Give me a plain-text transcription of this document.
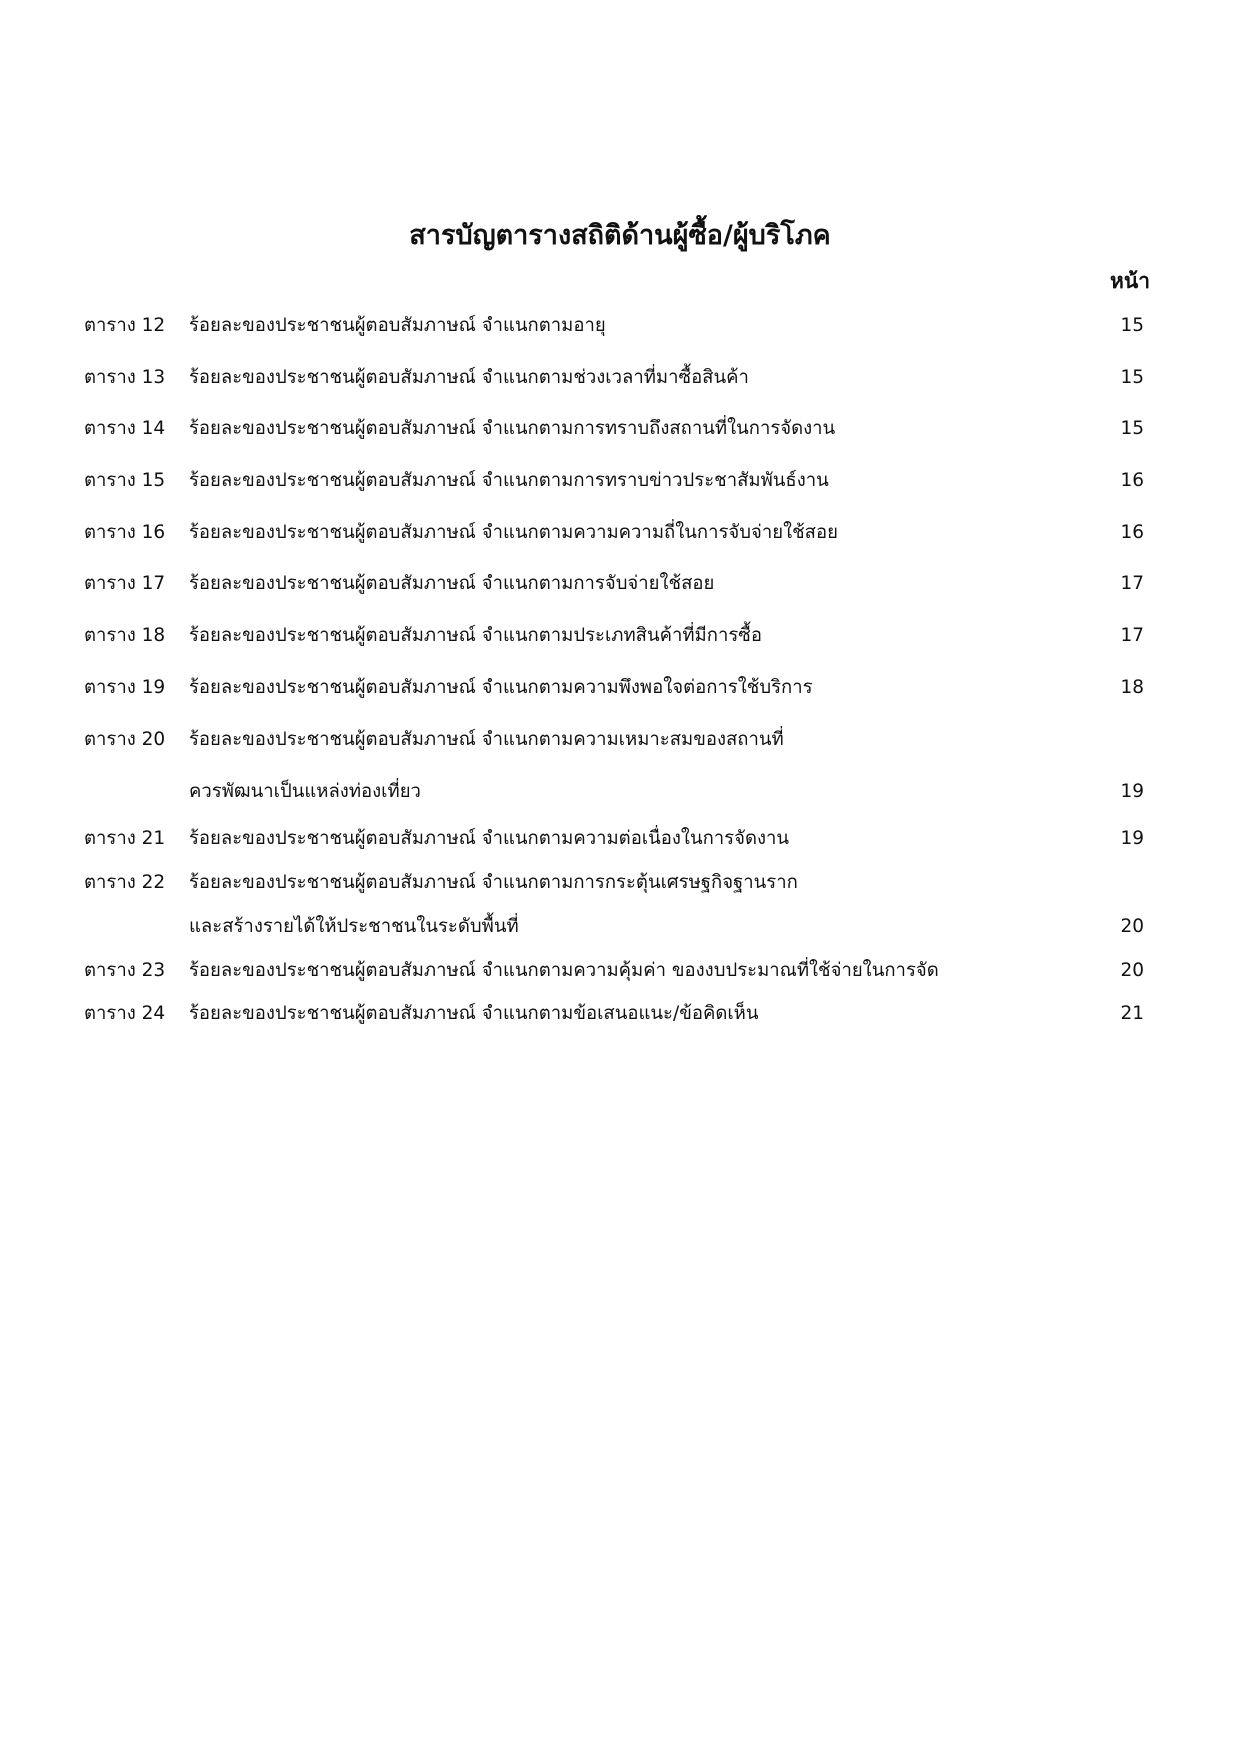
สารบัญตารางสถิติด้านผู้ซื้อ/ผู้บริโภค
หน้า
ตาราง 12	ร้อยละของประชาชนผู้ตอบสัมภาษณ์ จำแนกตามอายุ	15
ตาราง 13	ร้อยละของประชาชนผู้ตอบสัมภาษณ์ จำแนกตามช่วงเวลาที่มาซื้อสินค้า	15
ตาราง 14	ร้อยละของประชาชนผู้ตอบสัมภาษณ์ จำแนกตามการทราบถึงสถานที่ในการจัดงาน	15
ตาราง 15	ร้อยละของประชาชนผู้ตอบสัมภาษณ์ จำแนกตามการทราบข่าวประชาสัมพันธ์งาน	16
ตาราง 16	ร้อยละของประชาชนผู้ตอบสัมภาษณ์ จำแนกตามความความถี่ในการจับจ่ายใช้สอย	16
ตาราง 17	ร้อยละของประชาชนผู้ตอบสัมภาษณ์ จำแนกตามการจับจ่ายใช้สอย	17
ตาราง 18	ร้อยละของประชาชนผู้ตอบสัมภาษณ์ จำแนกตามประเภทสินค้าที่มีการซื้อ	17
ตาราง 19	ร้อยละของประชาชนผู้ตอบสัมภาษณ์ จำแนกตามความพึงพอใจต่อการใช้บริการ	18
ตาราง 20	ร้อยละของประชาชนผู้ตอบสัมภาษณ์ จำแนกตามความเหมาะสมของสถานที่
ควรพัฒนาเป็นแหล่งท่องเที่ยว	19
ตาราง 21	ร้อยละของประชาชนผู้ตอบสัมภาษณ์ จำแนกตามความต่อเนื่องในการจัดงาน	19
ตาราง 22	ร้อยละของประชาชนผู้ตอบสัมภาษณ์ จำแนกตามการกระตุ้นเศรษฐกิจฐานราก
และสร้างรายได้ให้ประชาชนในระดับพื้นที่	20
ตาราง 23	ร้อยละของประชาชนผู้ตอบสัมภาษณ์ จำแนกตามความคุ้มค่า ของงบประมาณที่ใช้จ่ายในการจัด	20
ตาราง 24	ร้อยละของประชาชนผู้ตอบสัมภาษณ์ จำแนกตามข้อเสนอแนะ/ข้อคิดเห็น	21
